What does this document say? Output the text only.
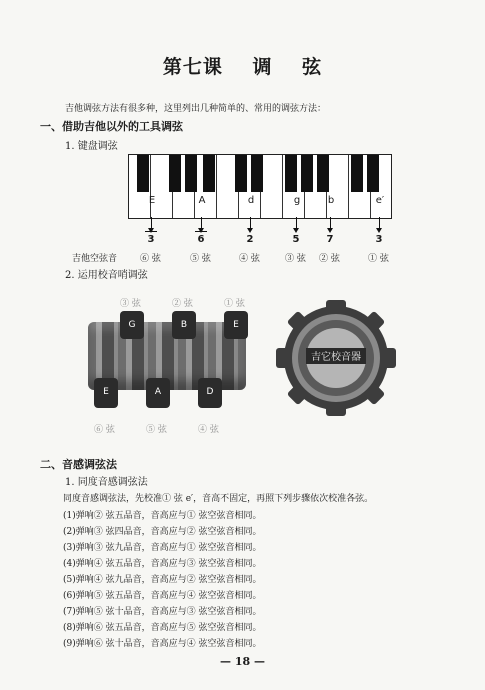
第七课 调 弦
吉他调弦方法有很多种，这里列出几种简单的、常用的调弦方法：
一、借助吉他以外的工具调弦
1. 键盘调弦
E	A	d	g	b	e′
3	6	2	5	7	3
吉他空弦音	⑥ 弦	⑤ 弦	④ 弦	③ 弦 ② 弦	① 弦
2. 运用校音哨调弦
③ 弦	② 弦	① 弦
G	B	E
E	A	D
⑥ 弦	⑤ 弦	④ 弦
吉它校音器
二、音感调弦法
1. 同度音感调弦法
同度音感调弦法，先校准① 弦 e′，音高不固定，再照下列步骤依次校准各弦。
(1)弹响② 弦五品音，音高应与① 弦空弦音相同。
(2)弹响③ 弦四品音，音高应与② 弦空弦音相同。
(3)弹响③ 弦九品音，音高应与① 弦空弦音相同。
(4)弹响④ 弦五品音，音高应与③ 弦空弦音相同。
(5)弹响④ 弦九品音，音高应与② 弦空弦音相同。
(6)弹响⑤ 弦五品音，音高应与④ 弦空弦音相同。
(7)弹响⑤ 弦十品音，音高应与③ 弦空弦音相同。
(8)弹响⑥ 弦五品音，音高应与⑤ 弦空弦音相同。
(9)弹响⑥ 弦十品音，音高应与④ 弦空弦音相同。
— 18 —
